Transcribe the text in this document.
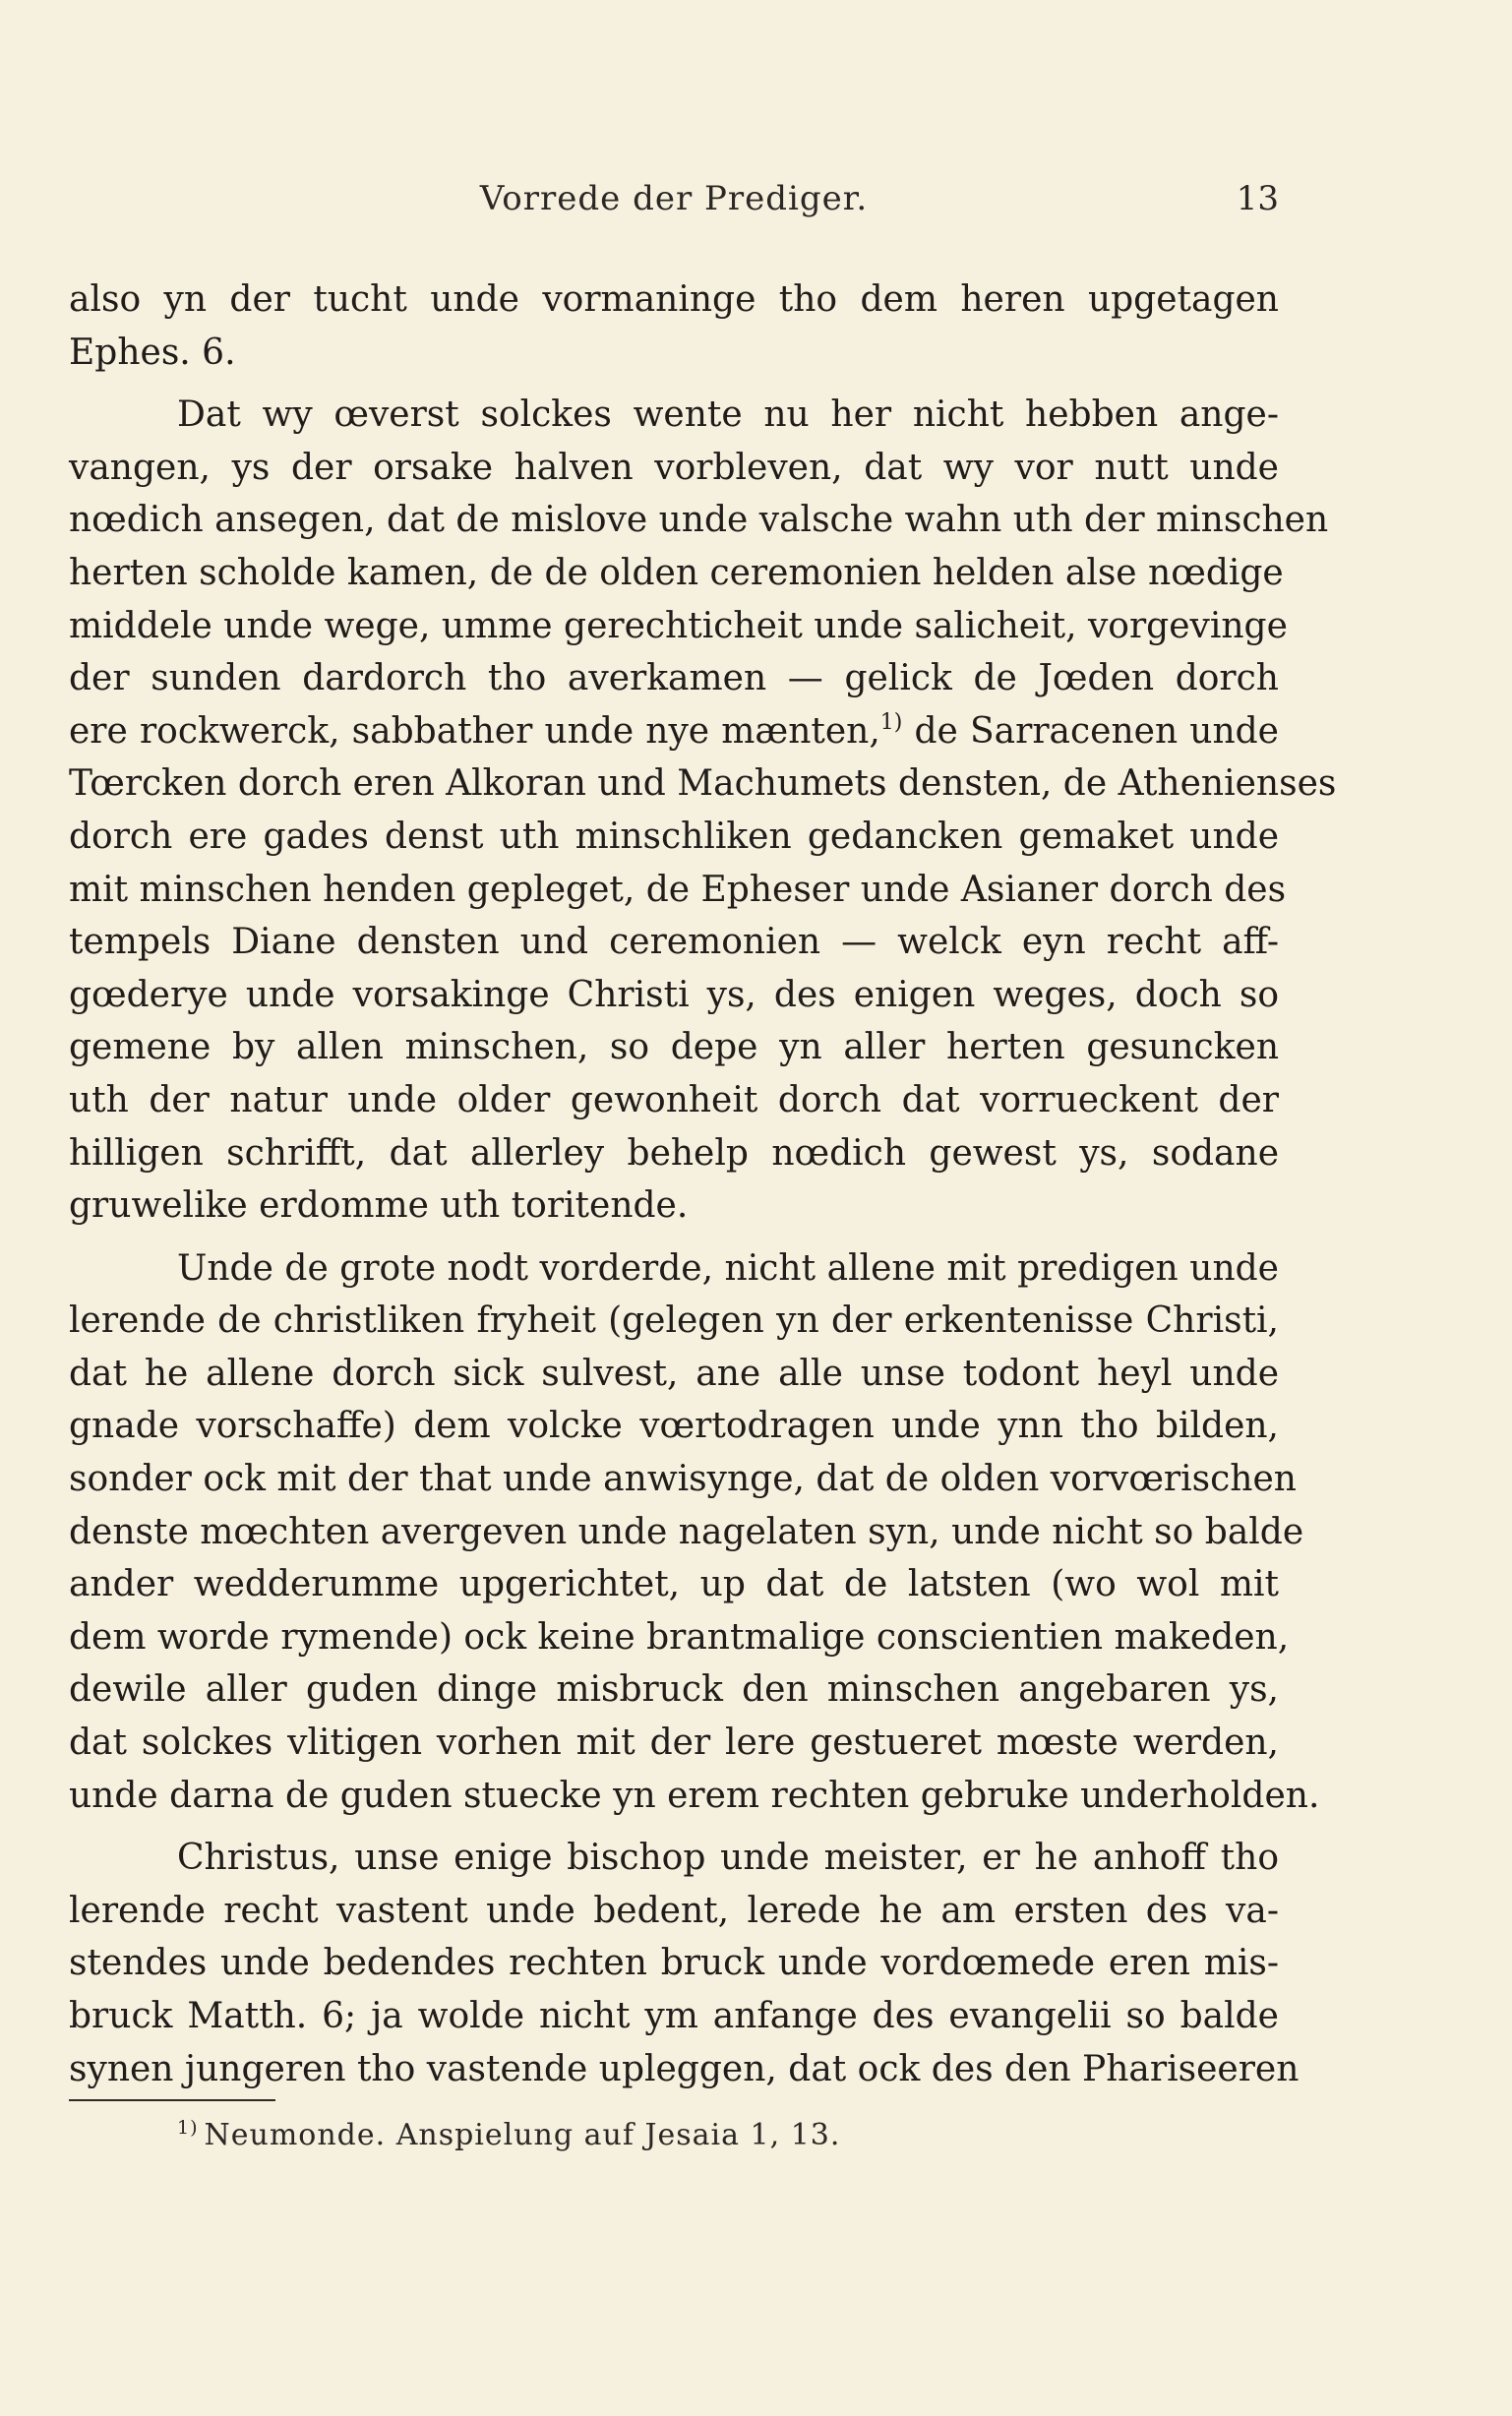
Vorrede der Prediger.	13
also yn der tucht unde vormaninge tho dem heren upgetagen
Ephes. 6.
Dat wy œverst solckes wente nu her nicht hebben ange-
vangen, ys der orsake halven vorbleven, dat wy vor nutt unde
nœdich ansegen, dat de mislove unde valsche wahn uth der minschen
herten scholde kamen, de de olden ceremonien helden alse nœdige
middele unde wege, umme gerechticheit unde salicheit, vorgevinge
der sunden dardorch tho averkamen — gelick de Jœden dorch
ere rockwerck, sabbather unde nye mænten,$^{1)}$ de Sarracenen unde
Tœrcken dorch eren Alkoran und Machumets densten, de Athenienses
dorch ere gades denst uth minschliken gedancken gemaket unde
mit minschen henden gepleget, de Epheser unde Asianer dorch des
tempels Diane densten und ceremonien — welck eyn recht aff-
gœderye unde vorsakinge Christi ys, des enigen weges, doch so
gemene by allen minschen, so depe yn aller herten gesuncken
uth der natur unde older gewonheit dorch dat vorrueckent der
hilligen schrifft, dat allerley behelp nœdich gewest ys, sodane
gruwelike erdomme uth toritende.
Unde de grote nodt vorderde, nicht allene mit predigen unde
lerende de christliken fryheit (gelegen yn der erkentenisse Christi,
dat he allene dorch sick sulvest, ane alle unse todont heyl unde
gnade vorschaffe) dem volcke vœrtodragen unde ynn tho bilden,
sonder ock mit der that unde anwisynge, dat de olden vorvœrischen
denste mœchten avergeven unde nagelaten syn, unde nicht so balde
ander wedderumme upgerichtet, up dat de latsten (wo wol mit
dem worde rymende) ock keine brantmalige conscientien makeden,
dewile aller guden dinge misbruck den minschen angebaren ys,
dat solckes vlitigen vorhen mit der lere gestueret mœste werden,
unde darna de guden stuecke yn erem rechten gebruke underholden.
Christus, unse enige bischop unde meister, er he anhoff tho
lerende recht vastent unde bedent, lerede he am ersten des va-
stendes unde bedendes rechten bruck unde vordœmede eren mis-
bruck Matth. 6; ja wolde nicht ym anfange des evangelii so balde
synen jungeren tho vastende upleggen, dat ock des den Phariseeren
$^{1)}$ Neumonde. Anspielung auf Jesaia 1, 13.
